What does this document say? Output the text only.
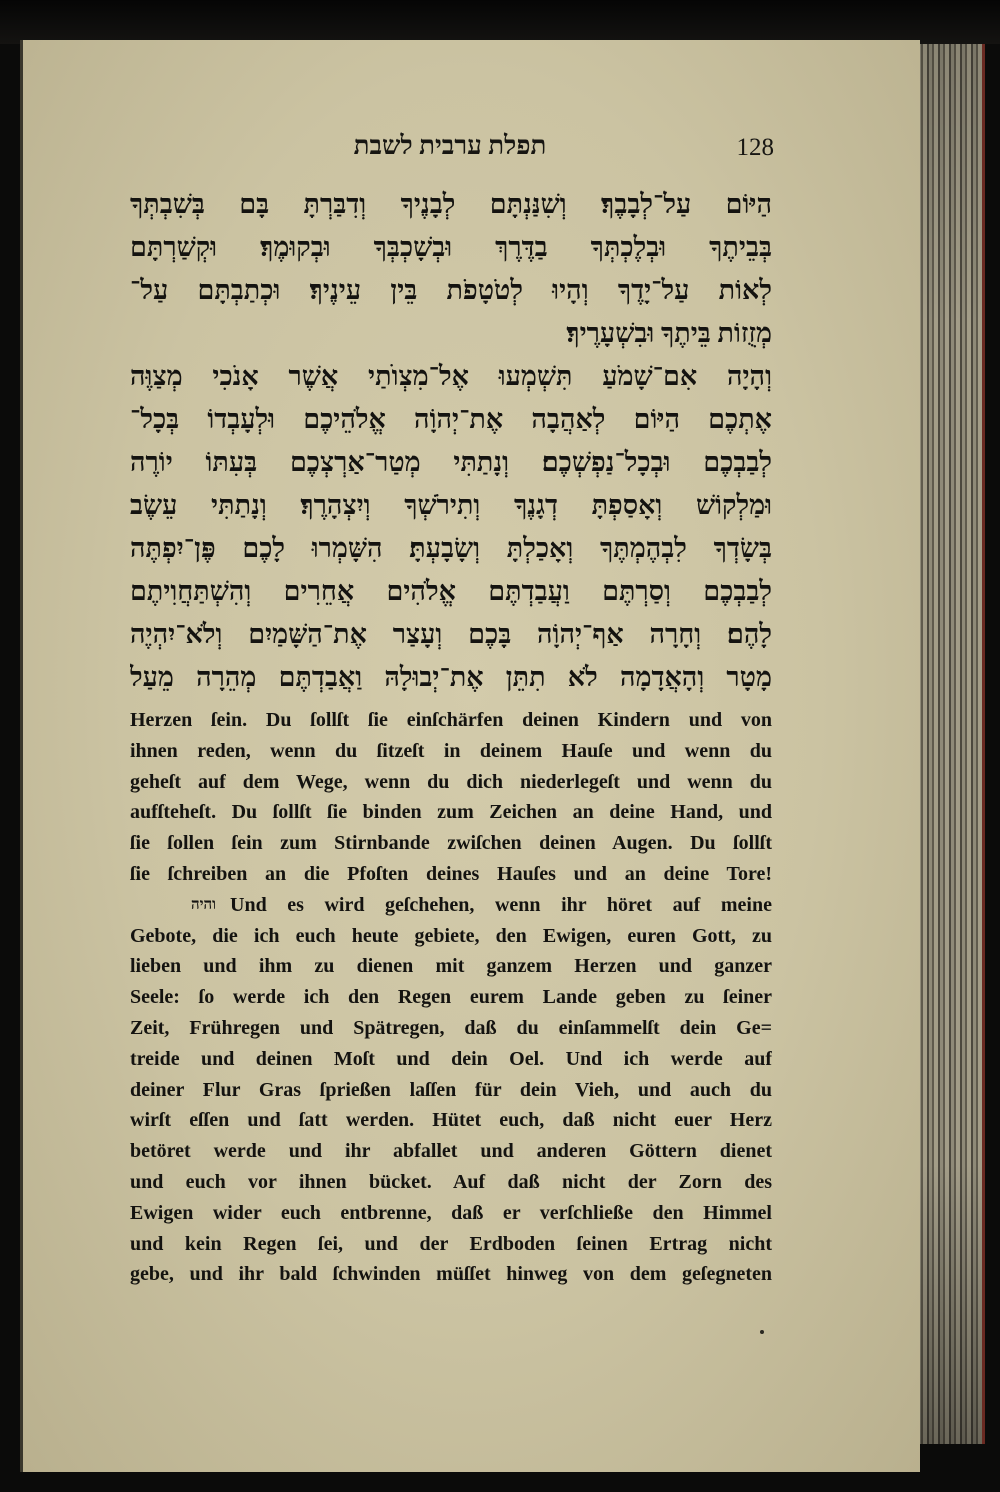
תפלת ערבית לשבת	128
הַיּוֹם עַל־לְבָבֶךָ׃ וְשִׁנַּנְתָּם לְבָנֶיךָ וְדִבַּרְתָּ בָּם בְּשִׁבְתְּךָ
בְּבֵיתֶךָ וּבְלֶכְתְּךָ בַדֶּרֶךְ וּבְשָׁכְבְּךָ וּבְקוּמֶךָ׃ וּקְשַׁרְתָּם
לְאוֹת עַל־יָדֶךָ וְהָיוּ לְטֹטָפֹת בֵּין עֵינֶיךָ׃ וּכְתַבְתָּם עַל־
מְזֻזוֹת בֵּיתֶךָ וּבִשְׁעָרֶיךָ׃
וְהָיָה אִם־שָׁמֹעַ תִּשְׁמְעוּ אֶל־מִצְוֺתַי אֲשֶׁר אָנֹכִי מְצַוֶּה
אֶתְכֶם הַיּוֹם לְאַהֲבָה אֶת־יְהוָֹה אֱלֹהֵיכֶם וּלְעָבְדוֹ בְּכָל־
לְבַבְכֶם וּבְכָל־נַפְשְׁכֶם׃ וְנָתַתִּי מְטַר־אַרְצְכֶם בְּעִתּוֹ יוֹרֶה
וּמַלְקוֹשׁ וְאָסַפְתָּ דְגָנֶךָ וְתִירֹשְׁךָ וְיִצְהָרֶךָ׃ וְנָתַתִּי עֵשֶׂב
בְּשָׂדְךָ לִבְהֶמְתֶּךָ וְאָכַלְתָּ וְשָׂבָעְתָּ׃ הִשָּׁמְרוּ לָכֶם פֶּן־יִפְתֶּה
לְבַבְכֶם וְסַרְתֶּם וַעֲבַדְתֶּם אֱלֹהִים אֲחֵרִים וְהִשְׁתַּחֲוִיתֶם
לָהֶם׃ וְחָרָה אַף־יְהוָֹה בָּכֶם וְעָצַר אֶת־הַשָּׁמַיִם וְלֹא־יִהְיֶה
מָטָר וְהָאֲדָמָה לֹא תִתֵּן אֶת־יְבוּלָהּ וַאֲבַדְתֶּם מְהֵרָה מֵעַל
Herzen ſein. Du ſollſt ſie einſchärfen deinen Kindern und von
ihnen reden, wenn du ſitzeſt in deinem Hauſe und wenn du
geheſt auf dem Wege, wenn du dich niederlegeſt und wenn du
aufſteheſt. Du ſollſt ſie binden zum Zeichen an deine Hand, und
ſie ſollen ſein zum Stirnbande zwiſchen deinen Augen. Du ſollſt
ſie ſchreiben an die Pfoſten deines Hauſes und an deine Tore!
והיה Und es wird geſchehen, wenn ihr höret auf meine
Gebote, die ich euch heute gebiete, den Ewigen, euren Gott, zu
lieben und ihm zu dienen mit ganzem Herzen und ganzer
Seele: ſo werde ich den Regen eurem Lande geben zu ſeiner
Zeit, Frühregen und Spätregen, daß du einſammelſt dein Ge=
treide und deinen Moſt und dein Oel. Und ich werde auf
deiner Flur Gras ſprießen laſſen für dein Vieh, und auch du
wirſt eſſen und ſatt werden. Hütet euch, daß nicht euer Herz
betöret werde und ihr abfallet und anderen Göttern dienet
und euch vor ihnen bücket. Auf daß nicht der Zorn des
Ewigen wider euch entbrenne, daß er verſchließe den Himmel
und kein Regen ſei, und der Erdboden ſeinen Ertrag nicht
gebe, und ihr bald ſchwinden müſſet hinweg von dem geſegneten
